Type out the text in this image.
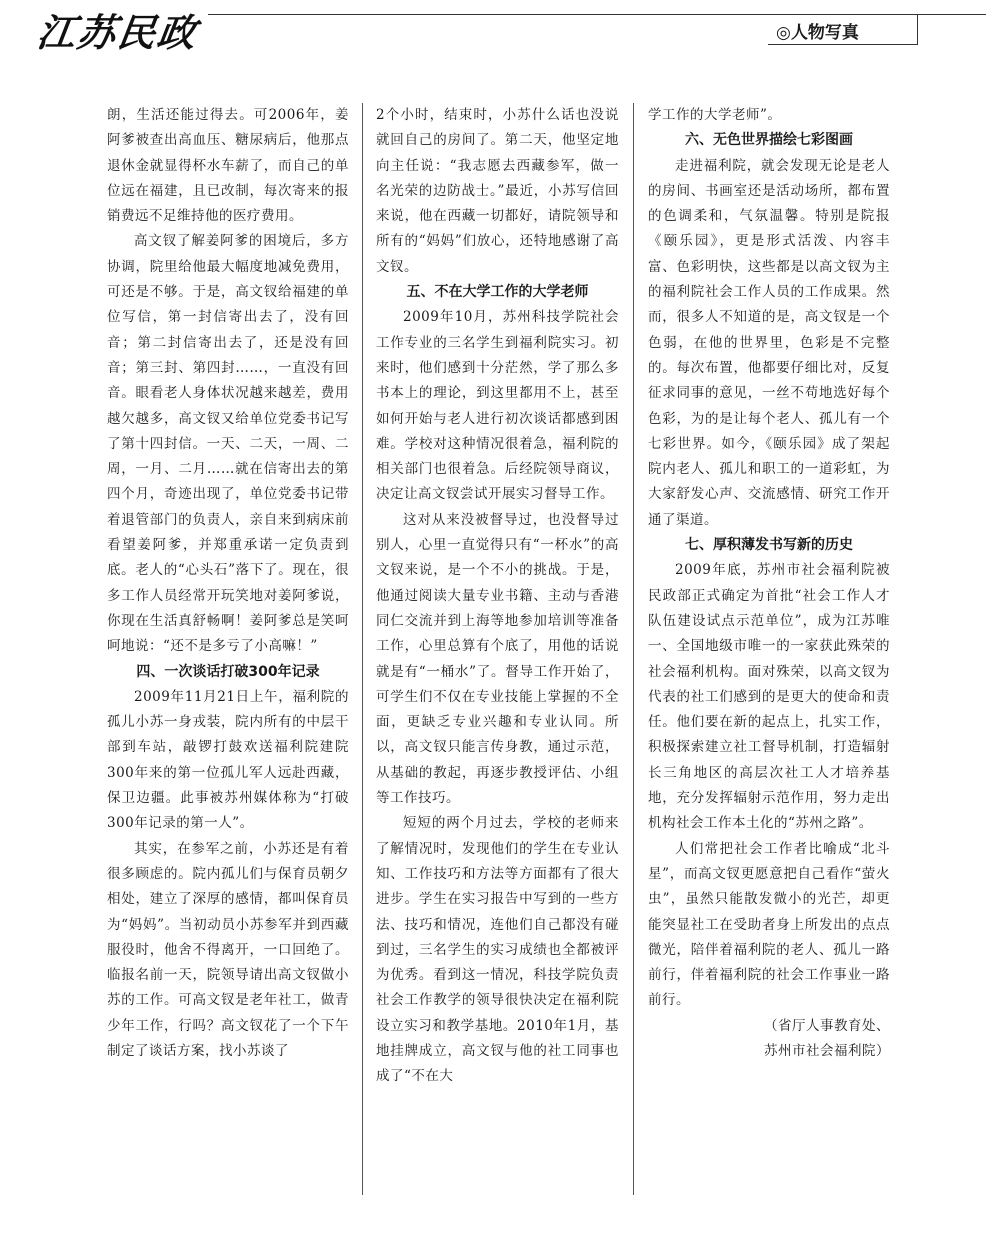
江苏民政	◎人物写真

朗，生活还能过得去。可2006年，姜阿爹被查出高血压、糖尿病后，他那点退休金就显得杯水车薪了，而自己的单位远在福建，且已改制，每次寄来的报销费远不足维持他的医疗费用。

高文钗了解姜阿爹的困境后，多方协调，院里给他最大幅度地减免费用，可还是不够。于是，高文钗给福建的单位写信，第一封信寄出去了，没有回音；第二封信寄出去了，还是没有回音；第三封、第四封……，一直没有回音。眼看老人身体状况越来越差，费用越欠越多，高文钗又给单位党委书记写了第十四封信。一天、二天，一周、二周，一月、二月……就在信寄出去的第四个月，奇迹出现了，单位党委书记带着退管部门的负责人，亲自来到病床前看望姜阿爹，并郑重承诺一定负责到底。老人的“心头石”落下了。现在，很多工作人员经常开玩笑地对姜阿爹说，你现在生活真舒畅啊！姜阿爹总是笑呵呵地说：“还不是多亏了小高嘛！”

四、一次谈话打破300年记录

2009年11月21日上午，福利院的孤儿小苏一身戎装，院内所有的中层干部到车站，敲锣打鼓欢送福利院建院300年来的第一位孤儿军人远赴西藏，保卫边疆。此事被苏州媒体称为“打破300年记录的第一人”。

其实，在参军之前，小苏还是有着很多顾虑的。院内孤儿们与保育员朝夕相处，建立了深厚的感情，都叫保育员为“妈妈”。当初动员小苏参军并到西藏服役时，他舍不得离开，一口回绝了。临报名前一天，院领导请出高文钗做小苏的工作。可高文钗是老年社工，做青少年工作，行吗？高文钗花了一个下午制定了谈话方案，找小苏谈了

2个小时，结束时，小苏什么话也没说就回自己的房间了。第二天，他坚定地向主任说：“我志愿去西藏参军，做一名光荣的边防战士。”最近，小苏写信回来说，他在西藏一切都好，请院领导和所有的“妈妈”们放心，还特地感谢了高文钗。

五、不在大学工作的大学老师

2009年10月，苏州科技学院社会工作专业的三名学生到福利院实习。初来时，他们感到十分茫然，学了那么多书本上的理论，到这里都用不上，甚至如何开始与老人进行初次谈话都感到困难。学校对这种情况很着急，福利院的相关部门也很着急。后经院领导商议，决定让高文钗尝试开展实习督导工作。

这对从来没被督导过，也没督导过别人，心里一直觉得只有“一杯水”的高文钗来说，是一个不小的挑战。于是，他通过阅读大量专业书籍、主动与香港同仁交流并到上海等地参加培训等准备工作，心里总算有个底了，用他的话说就是有“一桶水”了。督导工作开始了，可学生们不仅在专业技能上掌握的不全面，更缺乏专业兴趣和专业认同。所以，高文钗只能言传身教，通过示范，从基础的教起，再逐步教授评估、小组等工作技巧。

短短的两个月过去，学校的老师来了解情况时，发现他们的学生在专业认知、工作技巧和方法等方面都有了很大进步。学生在实习报告中写到的一些方法、技巧和情况，连他们自己都没有碰到过，三名学生的实习成绩也全都被评为优秀。看到这一情况，科技学院负责社会工作教学的领导很快决定在福利院设立实习和教学基地。2010年1月，基地挂牌成立，高文钗与他的社工同事也成了“不在大

学工作的大学老师”。

六、无色世界描绘七彩图画

走进福利院，就会发现无论是老人的房间、书画室还是活动场所，都布置的色调柔和，气氛温馨。特别是院报《颐乐园》，更是形式活泼、内容丰富、色彩明快，这些都是以高文钗为主的福利院社会工作人员的工作成果。然而，很多人不知道的是，高文钗是一个色弱，在他的世界里，色彩是不完整的。每次布置，他都要仔细比对，反复征求同事的意见，一丝不苟地选好每个色彩，为的是让每个老人、孤儿有一个七彩世界。如今，《颐乐园》成了架起院内老人、孤儿和职工的一道彩虹，为大家舒发心声、交流感情、研究工作开通了渠道。

七、厚积薄发书写新的历史

2009年底，苏州市社会福利院被民政部正式确定为首批“社会工作人才队伍建设试点示范单位”，成为江苏唯一、全国地级市唯一的一家获此殊荣的社会福利机构。面对殊荣，以高文钗为代表的社工们感到的是更大的使命和责任。他们要在新的起点上，扎实工作，积极探索建立社工督导机制，打造辐射长三角地区的高层次社工人才培养基地，充分发挥辐射示范作用，努力走出机构社会工作本土化的“苏州之路”。

人们常把社会工作者比喻成“北斗星”，而高文钗更愿意把自己看作“萤火虫”，虽然只能散发微小的光芒，却更能突显社工在受助者身上所发出的点点微光，陪伴着福利院的老人、孤儿一路前行，伴着福利院的社会工作事业一路前行。

（省厅人事教育处、

苏州市社会福利院）
